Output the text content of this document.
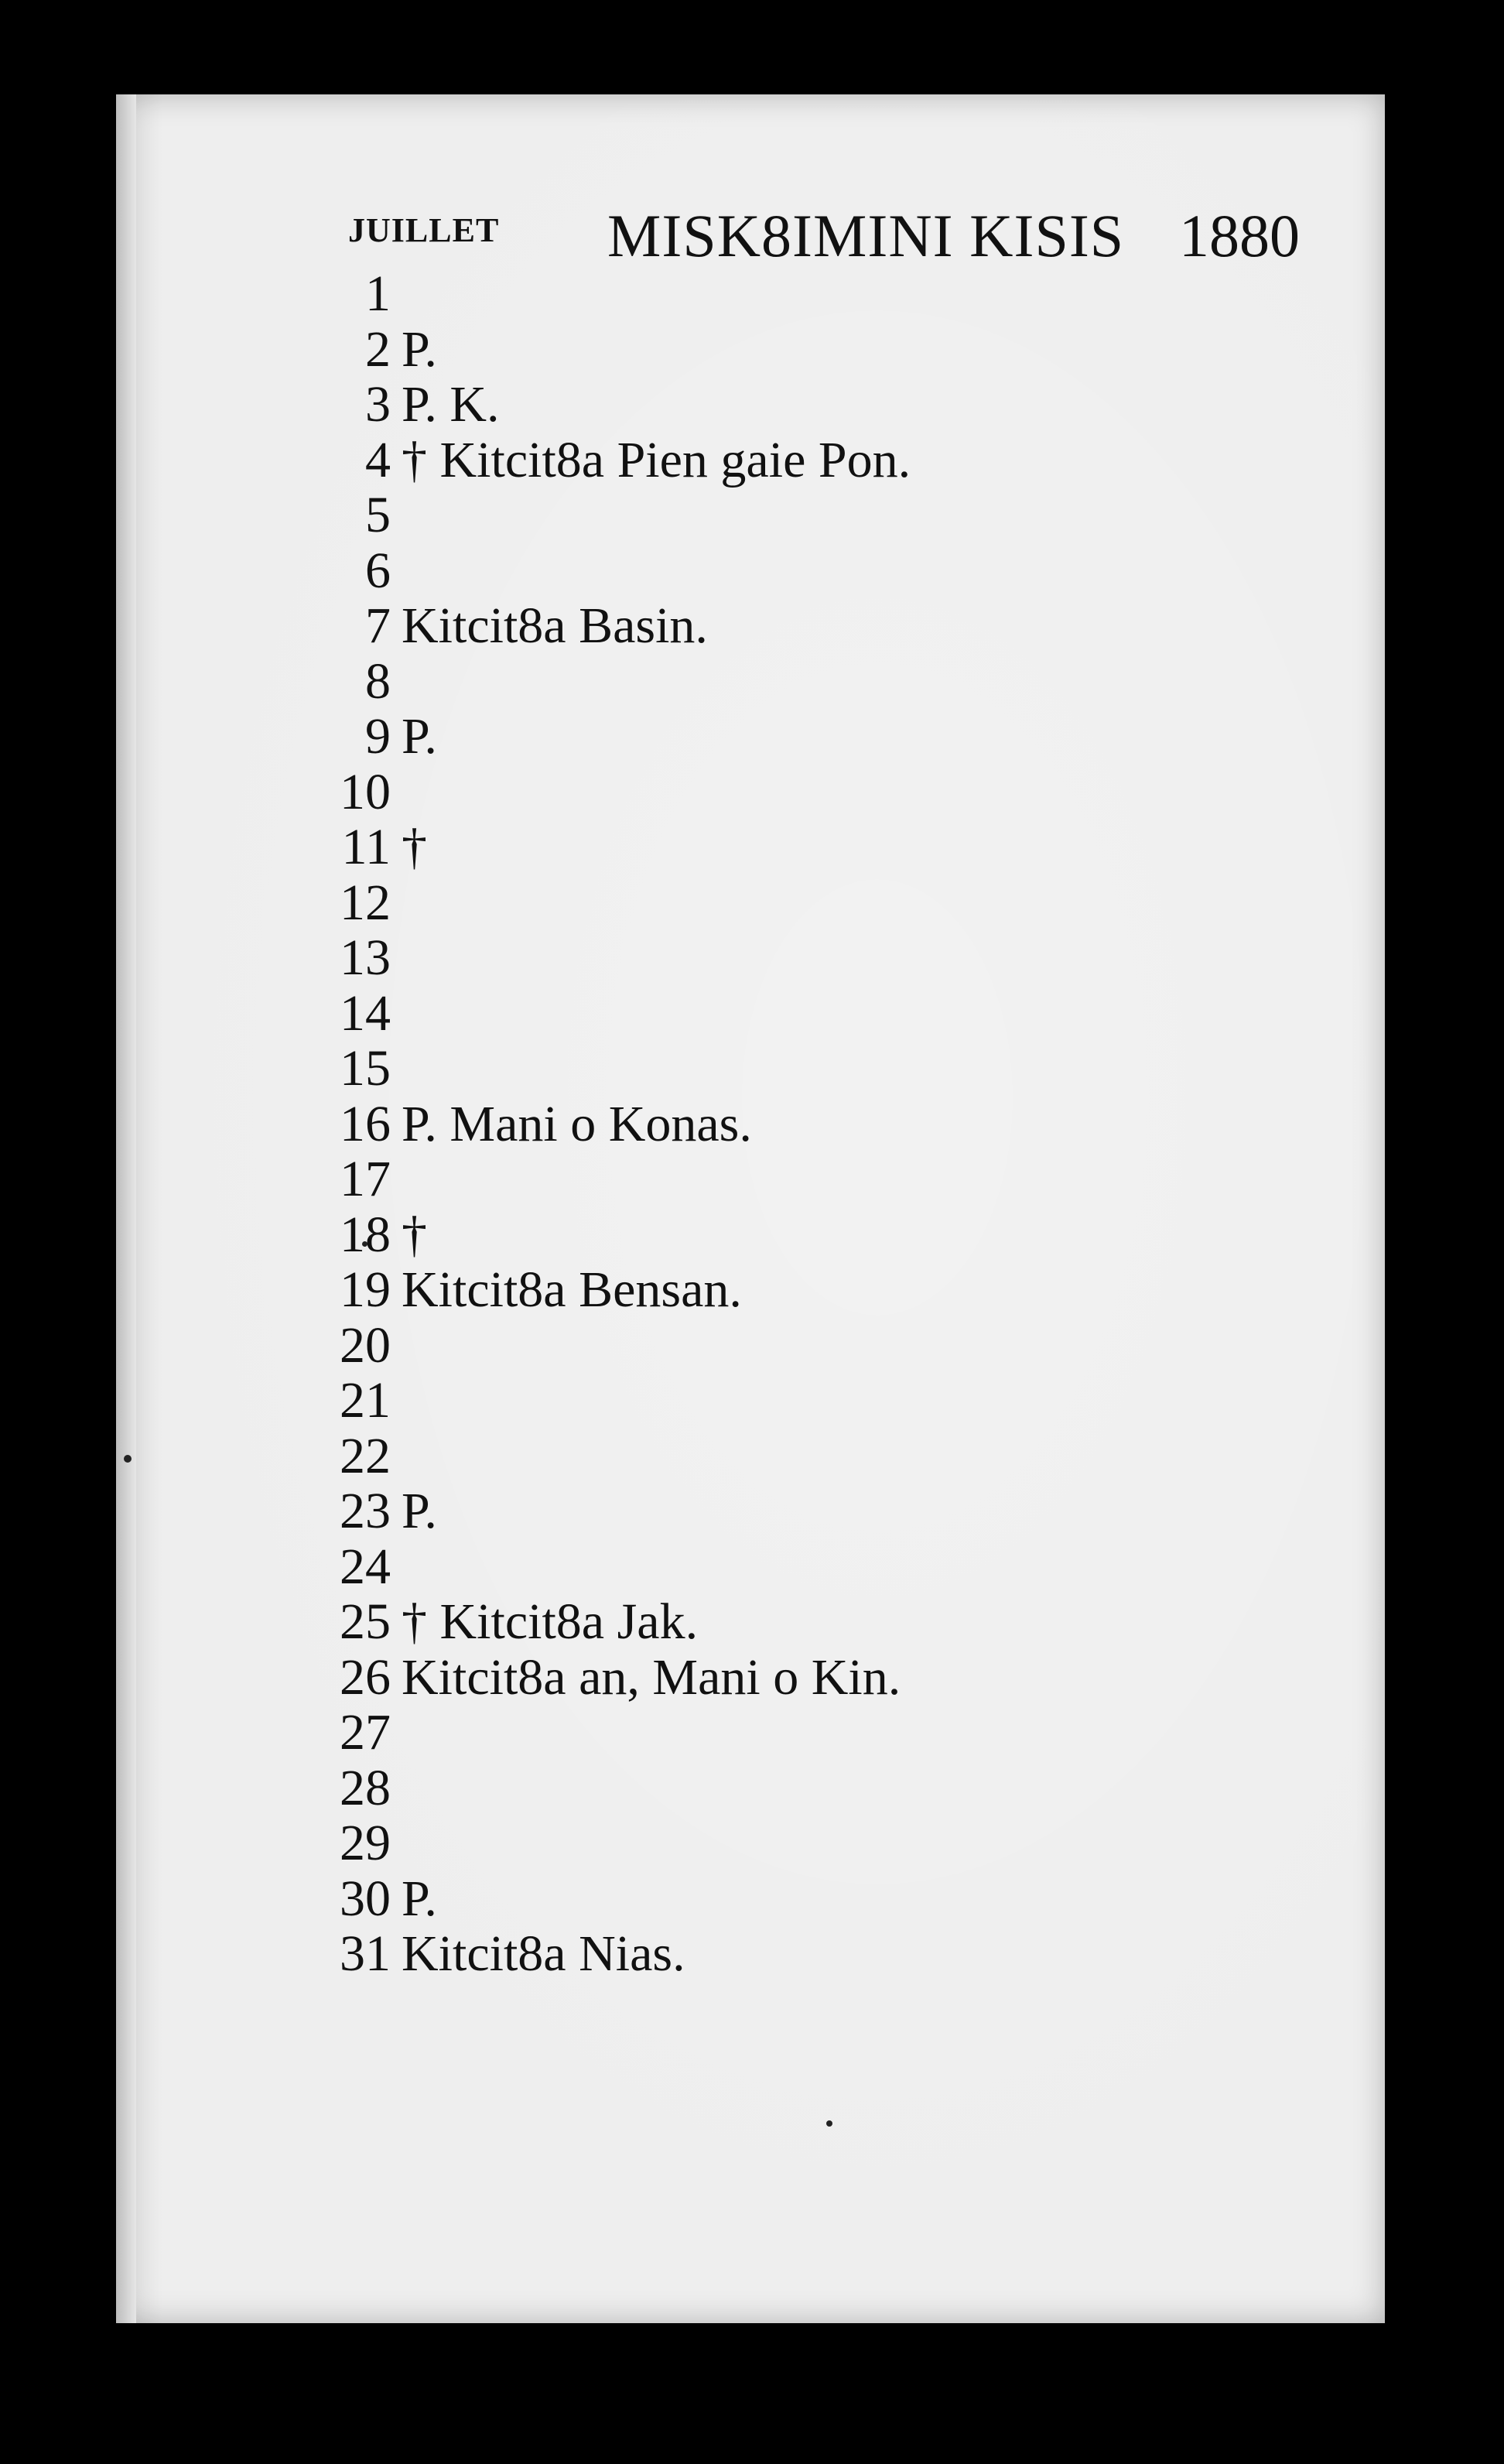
JUILLET MISK8IMINI KISIS 1880
1
2 P.
3 P. K.
4 † Kitcit8a Pien gaie Pon.
5
6
7 Kitcit8a Basin.
8
9 P.
10
11 †
12
13
14
15
16 P. Mani o Konas.
17
18 †
19 Kitcit8a Bensan.
20
21
22
23 P.
24
25 † Kitcit8a Jak.
26 Kitcit8a an, Mani o Kin.
27
28
29
30 P.
31 Kitcit8a Nias.
